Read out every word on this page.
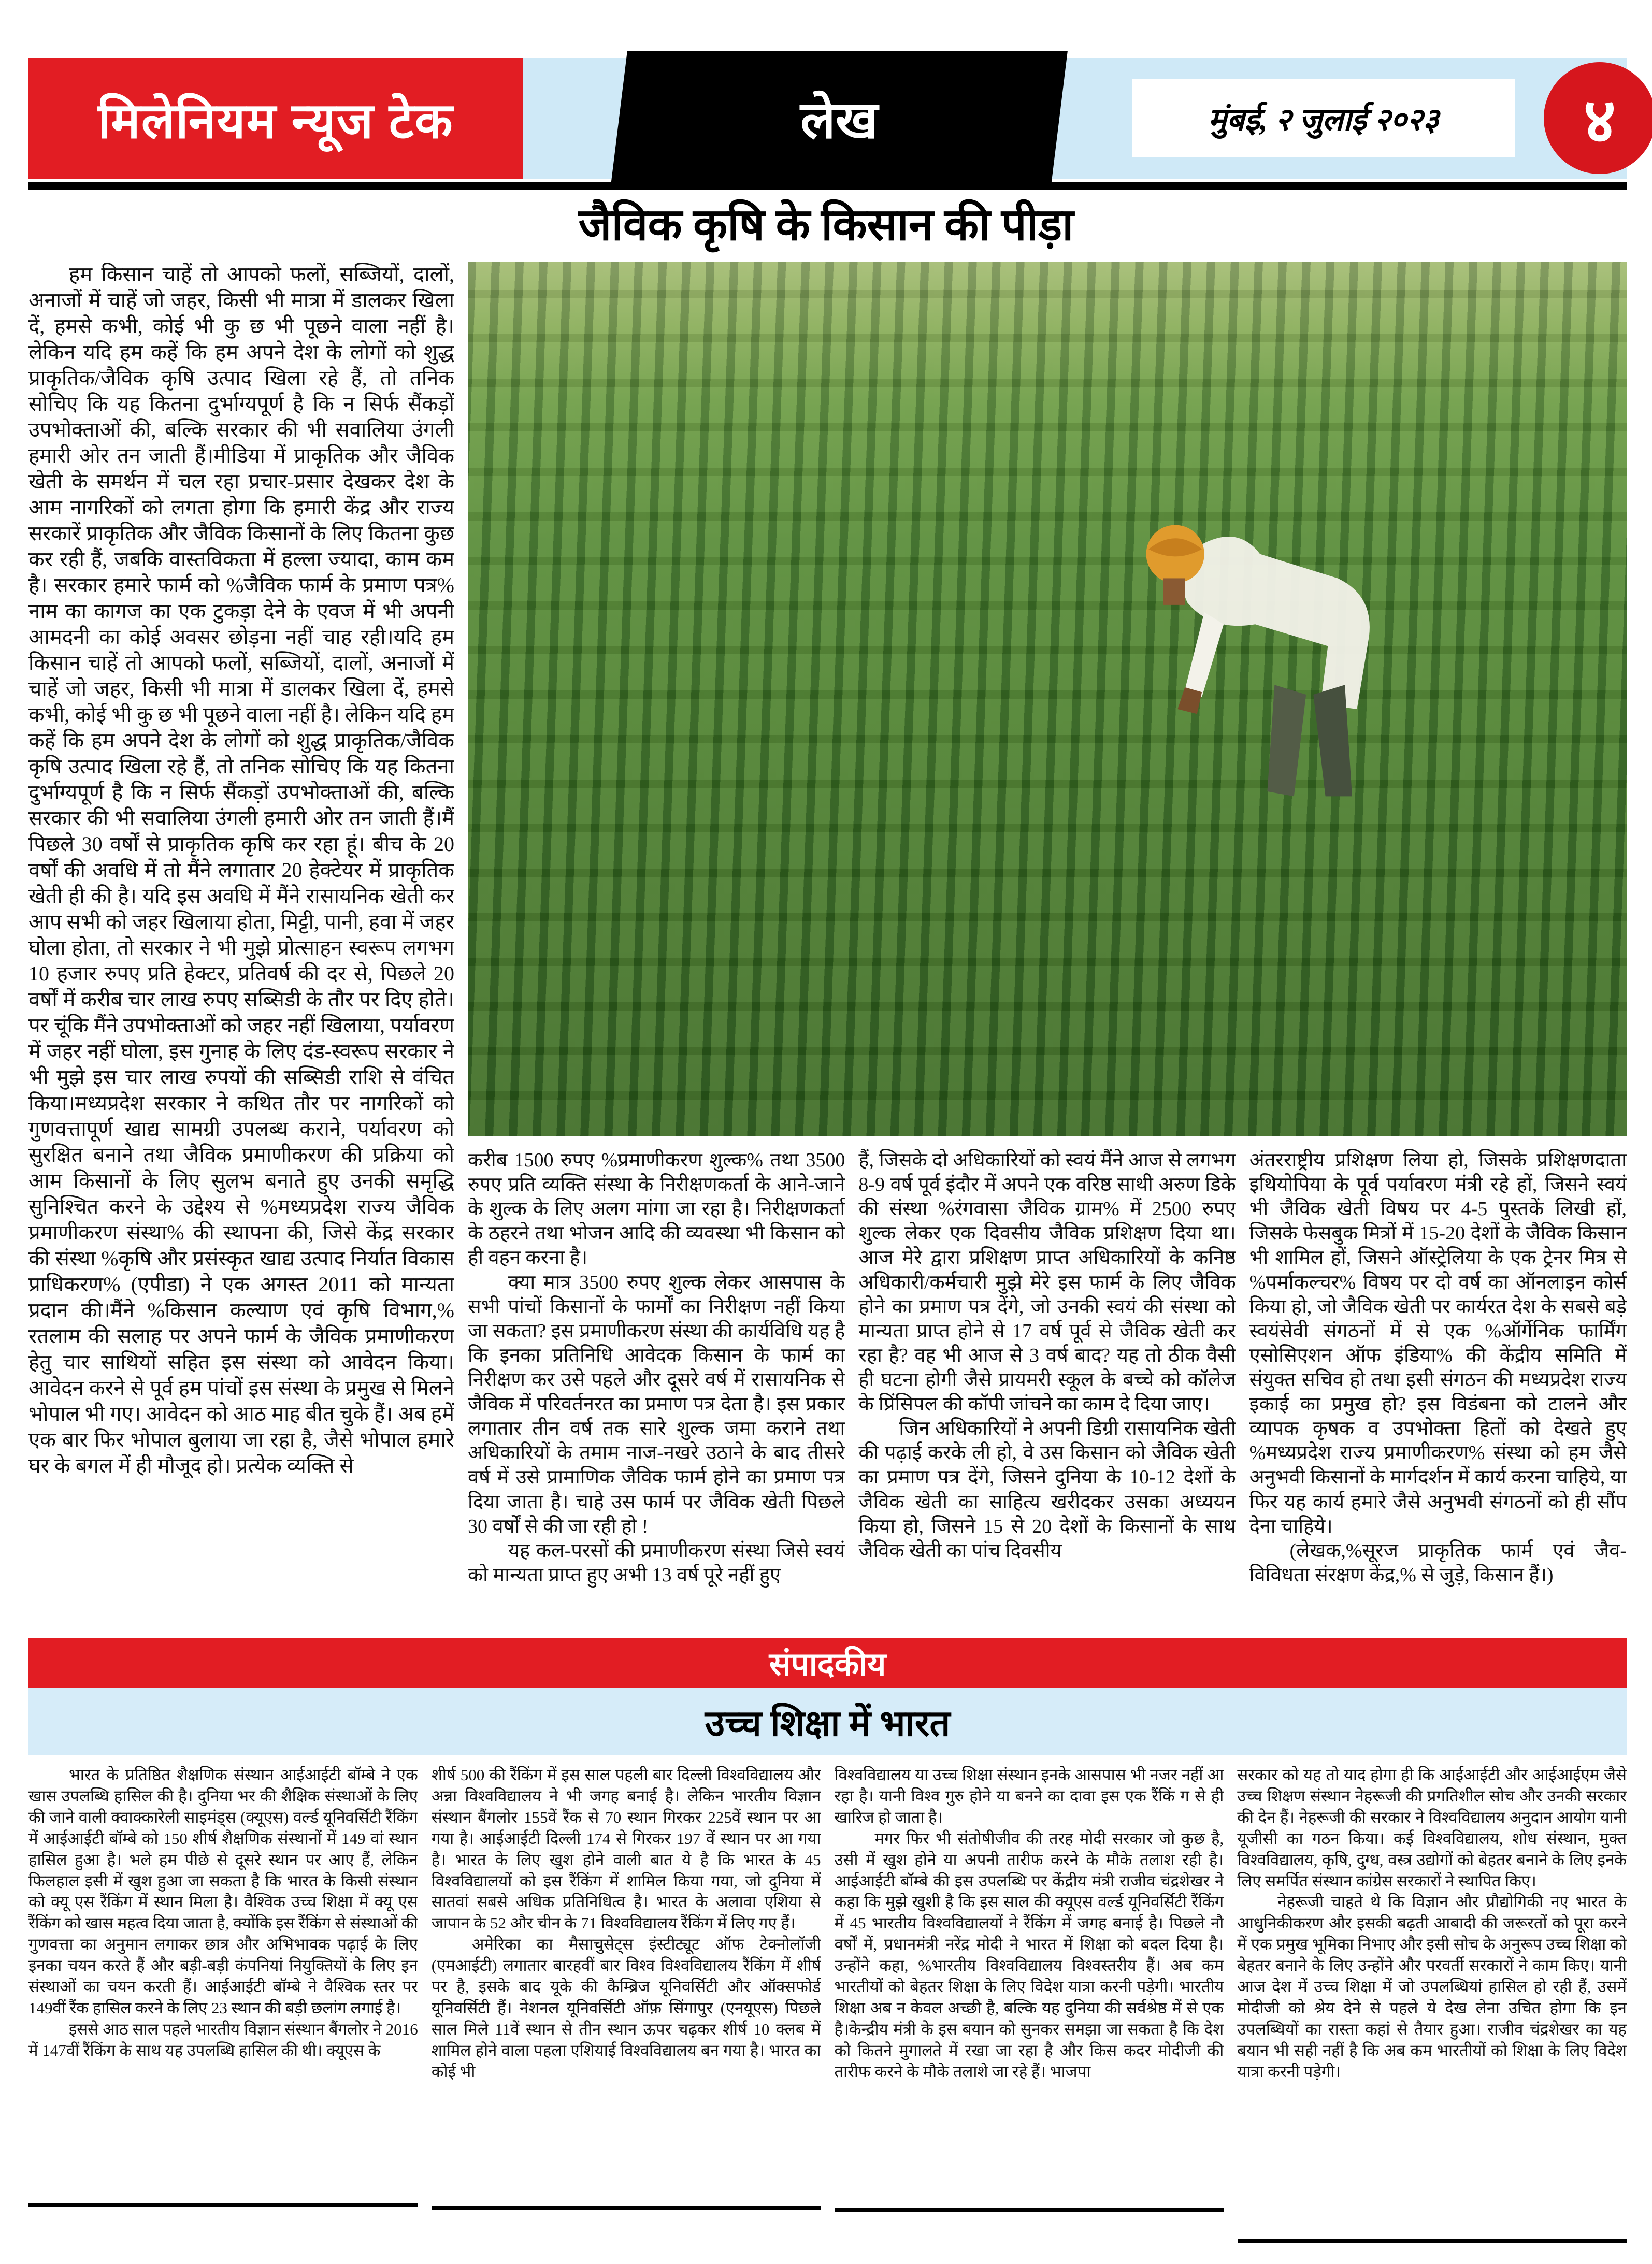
मिलेनियम न्यूज टेक	लेख	मुंबई, २ जुलाई २०२३ ४
जैविक कृषि के किसान की पीड़ा

हम किसान चाहें तो आपको फलों, सब्जियों, दालों, अनाजों में चाहें जो जहर, किसी भी मात्रा में डालकर खिला दें, हमसे कभी, कोई भी कु छ भी पूछने वाला नहीं है। लेकिन यदि हम कहें कि हम अपने देश के लोगों को शुद्ध प्राकृतिक/जैविक कृषि उत्पाद खिला रहे हैं, तो तनिक सोचिए कि यह कितना दुर्भाग्यपूर्ण है कि न सिर्फ सैंकड़ों उपभोक्ताओं की, बल्कि सरकार की भी सवालिया उंगली हमारी ओर तन जाती हैं।मीडिया में प्राकृतिक और जैविक खेती के समर्थन में चल रहा प्रचार-प्रसार देखकर देश के आम नागरिकों को लगता होगा कि हमारी केंद्र और राज्य सरकारें प्राकृतिक और जैविक किसानों के लिए कितना कुछ कर रही हैं, जबकि वास्तविकता में हल्ला ज्यादा, काम कम है। सरकार हमारे फार्म को %जैविक फार्म के प्रमाण पत्र% नाम का कागज का एक टुकड़ा देने के एवज में भी अपनी आमदनी का कोई अवसर छोड़ना नहीं चाह रही।यदि हम किसान चाहें तो आपको फलों, सब्जियों, दालों, अनाजों में चाहें जो जहर, किसी भी मात्रा में डालकर खिला दें, हमसे कभी, कोई भी कु छ भी पूछने वाला नहीं है। लेकिन यदि हम कहें कि हम अपने देश के लोगों को शुद्ध प्राकृतिक/जैविक कृषि उत्पाद खिला रहे हैं, तो तनिक सोचिए कि यह कितना दुर्भाग्यपूर्ण है कि न सिर्फ सैंकड़ों उपभोक्ताओं की, बल्कि सरकार की भी सवालिया उंगली हमारी ओर तन जाती हैं।मैं पिछले 30 वर्षों से प्राकृतिक कृषि कर रहा हूं। बीच के 20 वर्षों की अवधि में तो मैंने लगातार 20 हेक्टेयर में प्राकृतिक खेती ही की है। यदि इस अवधि में मैंने रासायनिक खेती कर आप सभी को जहर खिलाया होता, मिट्टी, पानी, हवा में जहर घोला होता, तो सरकार ने भी मुझे प्रोत्साहन स्वरूप लगभग 10 हजार रुपए प्रति हेक्टर, प्रतिवर्ष की दर से, पिछले 20 वर्षों में करीब चार लाख रुपए सब्सिडी के तौर पर दिए होते। पर चूंकि मैंने उपभोक्ताओं को जहर नहीं खिलाया, पर्यावरण में जहर नहीं घोला, इस गुनाह के लिए दंड-स्वरूप सरकार ने भी मुझे इस चार लाख रुपयों की सब्सिडी राशि से वंचित किया।मध्यप्रदेश सरकार ने कथित तौर पर नागरिकों को गुणवत्तापूर्ण खाद्य सामग्री उपलब्ध कराने, पर्यावरण को सुरक्षित बनाने तथा जैविक प्रमाणीकरण की प्रक्रिया को आम किसानों के लिए सुलभ बनाते हुए उनकी समृद्धि सुनिश्चित करने के उद्देश्य से %मध्यप्रदेश राज्य जैविक प्रमाणीकरण संस्था% की स्थापना की, जिसे केंद्र सरकार की संस्था %कृषि और प्रसंस्कृत खाद्य उत्पाद निर्यात विकास प्राधिकरण% (एपीडा) ने एक अगस्त 2011 को मान्यता प्रदान की।मैंने %किसान कल्याण एवं कृषि विभाग,% रतलाम की सलाह पर अपने फार्म के जैविक प्रमाणीकरण हेतु चार साथियों सहित इस संस्था को आवेदन किया। आवेदन करने से पूर्व हम पांचों इस संस्था के प्रमुख से मिलने भोपाल भी गए। आवेदन को आठ माह बीत चुके हैं। अब हमें एक बार फिर भोपाल बुलाया जा रहा है, जैसे भोपाल हमारे घर के बगल में ही मौजूद हो। प्रत्येक व्यक्ति से

करीब 1500 रुपए %प्रमाणीकरण शुल्क% तथा 3500 रुपए प्रति व्यक्ति संस्था के निरीक्षणकर्ता के आने-जाने के शुल्क के लिए अलग मांगा जा रहा है। निरीक्षणकर्ता के ठहरने तथा भोजन आदि की व्यवस्था भी किसान को ही वहन करना है।

क्या मात्र 3500 रुपए शुल्क लेकर आसपास के सभी पांचों किसानों के फार्मों का निरीक्षण नहीं किया जा सकता? इस प्रमाणीकरण संस्था की कार्यविधि यह है कि इनका प्रतिनिधि आवेदक किसान के फार्म का निरीक्षण कर उसे पहले और दूसरे वर्ष में रासायनिक से जैविक में परिवर्तनरत का प्रमाण पत्र देता है। इस प्रकार लगातार तीन वर्ष तक सारे शुल्क जमा कराने तथा अधिकारियों के तमाम नाज-नखरे उठाने के बाद तीसरे वर्ष में उसे प्रामाणिक जैविक फार्म होने का प्रमाण पत्र दिया जाता है। चाहे उस फार्म पर जैविक खेती पिछले 30 वर्षों से की जा रही हो !

यह कल-परसों की प्रमाणीकरण संस्था जिसे स्वयं को मान्यता प्राप्त हुए अभी 13 वर्ष पूरे नहीं हुए

हैं, जिसके दो अधिकारियों को स्वयं मैंने आज से लगभग 8-9 वर्ष पूर्व इंदौर में अपने एक वरिष्ठ साथी अरुण डिके की संस्था %रंगवासा जैविक ग्राम% में 2500 रुपए शुल्क लेकर एक दिवसीय जैविक प्रशिक्षण दिया था। आज मेरे द्वारा प्रशिक्षण प्राप्त अधिकारियों के कनिष्ठ अधिकारी/कर्मचारी मुझे मेरे इस फार्म के लिए जैविक होने का प्रमाण पत्र देंगे, जो उनकी स्वयं की संस्था को मान्यता प्राप्त होने से 17 वर्ष पूर्व से जैविक खेती कर रहा है? वह भी आज से 3 वर्ष बाद? यह तो ठीक वैसी ही घटना होगी जैसे प्रायमरी स्कूल के बच्चे को कॉलेज के प्रिंसिपल की कॉपी जांचने का काम दे दिया जाए।

जिन अधिकारियों ने अपनी डिग्री रासायनिक खेती की पढ़ाई करके ली हो, वे उस किसान को जैविक खेती का प्रमाण पत्र देंगे, जिसने दुनिया के 10-12 देशों के जैविक खेती का साहित्य खरीदकर उसका अध्ययन किया हो, जिसने 15 से 20 देशों के किसानों के साथ जैविक खेती का पांच दिवसीय

अंतरराष्ट्रीय प्रशिक्षण लिया हो, जिसके प्रशिक्षणदाता इथियोपिया के पूर्व पर्यावरण मंत्री रहे हों, जिसने स्वयं भी जैविक खेती विषय पर 4-5 पुस्तकें लिखी हों, जिसके फेसबुक मित्रों में 15-20 देशों के जैविक किसान भी शामिल हों, जिसने ऑस्ट्रेलिया के एक ट्रेनर मित्र से %पर्माकल्चर% विषय पर दो वर्ष का ऑनलाइन कोर्स किया हो, जो जैविक खेती पर कार्यरत देश के सबसे बड़े स्वयंसेवी संगठनों में से एक %ऑर्गेनिक फार्मिंग एसोसिएशन ऑफ इंडिया% की केंद्रीय समिति में संयुक्त सचिव हो तथा इसी संगठन की मध्यप्रदेश राज्य इकाई का प्रमुख हो? इस विडंबना को टालने और व्यापक कृषक व उपभोक्ता हितों को देखते हुए %मध्यप्रदेश राज्य प्रमाणीकरण% संस्था को हम जैसे अनुभवी किसानों के मार्गदर्शन में कार्य करना चाहिये, या फिर यह कार्य हमारे जैसे अनुभवी संगठनों को ही सौंप देना चाहिये।

(लेखक,%सूरज प्राकृतिक फार्म एवं जैव-विविधता संरक्षण केंद्र,% से जुड़े, किसान हैं।)

संपादकीय
उच्च शिक्षा में भारत

भारत के प्रतिष्ठित शैक्षणिक संस्थान आईआईटी बॉम्बे ने एक खास उपलब्धि हासिल की है। दुनिया भर की शैक्षिक संस्थाओं के लिए की जाने वाली क्वाक्कारेली साइमंड्स (क्यूएस) वर्ल्ड यूनिवर्सिटी रैंकिंग में आईआईटी बॉम्बे को 150 शीर्ष शैक्षणिक संस्थानों में 149 वां स्थान हासिल हुआ है। भले हम पीछे से दूसरे स्थान पर आए हैं, लेकिन फिलहाल इसी में खुश हुआ जा सकता है कि भारत के किसी संस्थान को क्यू एस रैंकिंग में स्थान मिला है। वैश्विक उच्च शिक्षा में क्यू एस रैंकिंग को खास महत्व दिया जाता है, क्योंकि इस रैंकिंग से संस्थाओं की गुणवत्ता का अनुमान लगाकर छात्र और अभिभावक पढ़ाई के लिए इनका चयन करते हैं और बड़ी-बड़ी कंपनियां नियुक्तियों के लिए इन संस्थाओं का चयन करती हैं। आईआईटी बॉम्बे ने वैश्विक स्तर पर 149वीं रैंक हासिल करने के लिए 23 स्थान की बड़ी छलांग लगाई है।

इससे आठ साल पहले भारतीय विज्ञान संस्थान बैंगलोर ने 2016 में 147वीं रैंकिंग के साथ यह उपलब्धि हासिल की थी। क्यूएस के

शीर्ष 500 की रैंकिंग में इस साल पहली बार दिल्ली विश्वविद्यालय और अन्ना विश्वविद्यालय ने भी जगह बनाई है। लेकिन भारतीय विज्ञान संस्थान बैंगलोर 155वें रैंक से 70 स्थान गिरकर 225वें स्थान पर आ गया है। आईआईटी दिल्ली 174 से गिरकर 197 वें स्थान पर आ गया है। भारत के लिए खुश होने वाली बात ये है कि भारत के 45 विश्वविद्यालयों को इस रैंकिंग में शामिल किया गया, जो दुनिया में सातवां सबसे अधिक प्रतिनिधित्व है। भारत के अलावा एशिया से जापान के 52 और चीन के 71 विश्वविद्यालय रैंकिंग में लिए गए हैं।

अमेरिका का मैसाचुसेट्स इंस्टीट्यूट ऑफ टेक्नोलॉजी (एमआईटी) लगातार बारहवीं बार विश्व विश्वविद्यालय रैंकिंग में शीर्ष पर है, इसके बाद यूके की कैम्ब्रिज यूनिवर्सिटी और ऑक्सफोर्ड यूनिवर्सिटी हैं। नेशनल यूनिवर्सिटी ऑफ़ सिंगापुर (एनयूएस) पिछले साल मिले 11वें स्थान से तीन स्थान ऊपर चढ़कर शीर्ष 10 क्लब में शामिल होने वाला पहला एशियाई विश्वविद्यालय बन गया है। भारत का कोई भी

विश्वविद्यालय या उच्च शिक्षा संस्थान इनके आसपास भी नजर नहीं आ रहा है। यानी विश्व गुरु होने या बनने का दावा इस एक रैंकिं ग से ही खारिज हो जाता है।

मगर फिर भी संतोषीजीव की तरह मोदी सरकार जो कुछ है, उसी में खुश होने या अपनी तारीफ करने के मौके तलाश रही है। आईआईटी बॉम्बे की इस उपलब्धि पर केंद्रीय मंत्री राजीव चंद्रशेखर ने कहा कि मुझे खुशी है कि इस साल की क्यूएस वर्ल्ड यूनिवर्सिटी रैंकिंग में 45 भारतीय विश्वविद्यालयों ने रैंकिंग में जगह बनाई है। पिछले नौ वर्षों में, प्रधानमंत्री नरेंद्र मोदी ने भारत में शिक्षा को बदल दिया है। उन्होंने कहा, %भारतीय विश्वविद्यालय विश्वस्तरीय हैं। अब कम भारतीयों को बेहतर शिक्षा के लिए विदेश यात्रा करनी पड़ेगी। भारतीय शिक्षा अब न केवल अच्छी है, बल्कि यह दुनिया की सर्वश्रेष्ठ में से एक है।केन्द्रीय मंत्री के इस बयान को सुनकर समझा जा सकता है कि देश को कितने मुगालते में रखा जा रहा है और किस कदर मोदीजी की तारीफ करने के मौके तलाशे जा रहे हैं। भाजपा

सरकार को यह तो याद होगा ही कि आईआईटी और आईआईएम जैसे उच्च शिक्षण संस्थान नेहरूजी की प्रगतिशील सोच और उनकी सरकार की देन हैं। नेहरूजी की सरकार ने विश्वविद्यालय अनुदान आयोग यानी यूजीसी का गठन किया। कई विश्वविद्यालय, शोध संस्थान, मुक्त विश्वविद्यालय, कृषि, दुग्ध, वस्त्र उद्योगों को बेहतर बनाने के लिए इनके लिए समर्पित संस्थान कांग्रेस सरकारों ने स्थापित किए।

नेहरूजी चाहते थे कि विज्ञान और प्रौद्योगिकी नए भारत के आधुनिकीकरण और इसकी बढ़ती आबादी की जरूरतों को पूरा करने में एक प्रमुख भूमिका निभाए और इसी सोच के अनुरूप उच्च शिक्षा को बेहतर बनाने के लिए उन्होंने और परवर्ती सरकारों ने काम किए। यानी आज देश में उच्च शिक्षा में जो उपलब्धियां हासिल हो रही हैं, उसमें मोदीजी को श्रेय देने से पहले ये देख लेना उचित होगा कि इन उपलब्धियों का रास्ता कहां से तैयार हुआ। राजीव चंद्रशेखर का यह बयान भी सही नहीं है कि अब कम भारतीयों को शिक्षा के लिए विदेश यात्रा करनी पड़ेगी।
